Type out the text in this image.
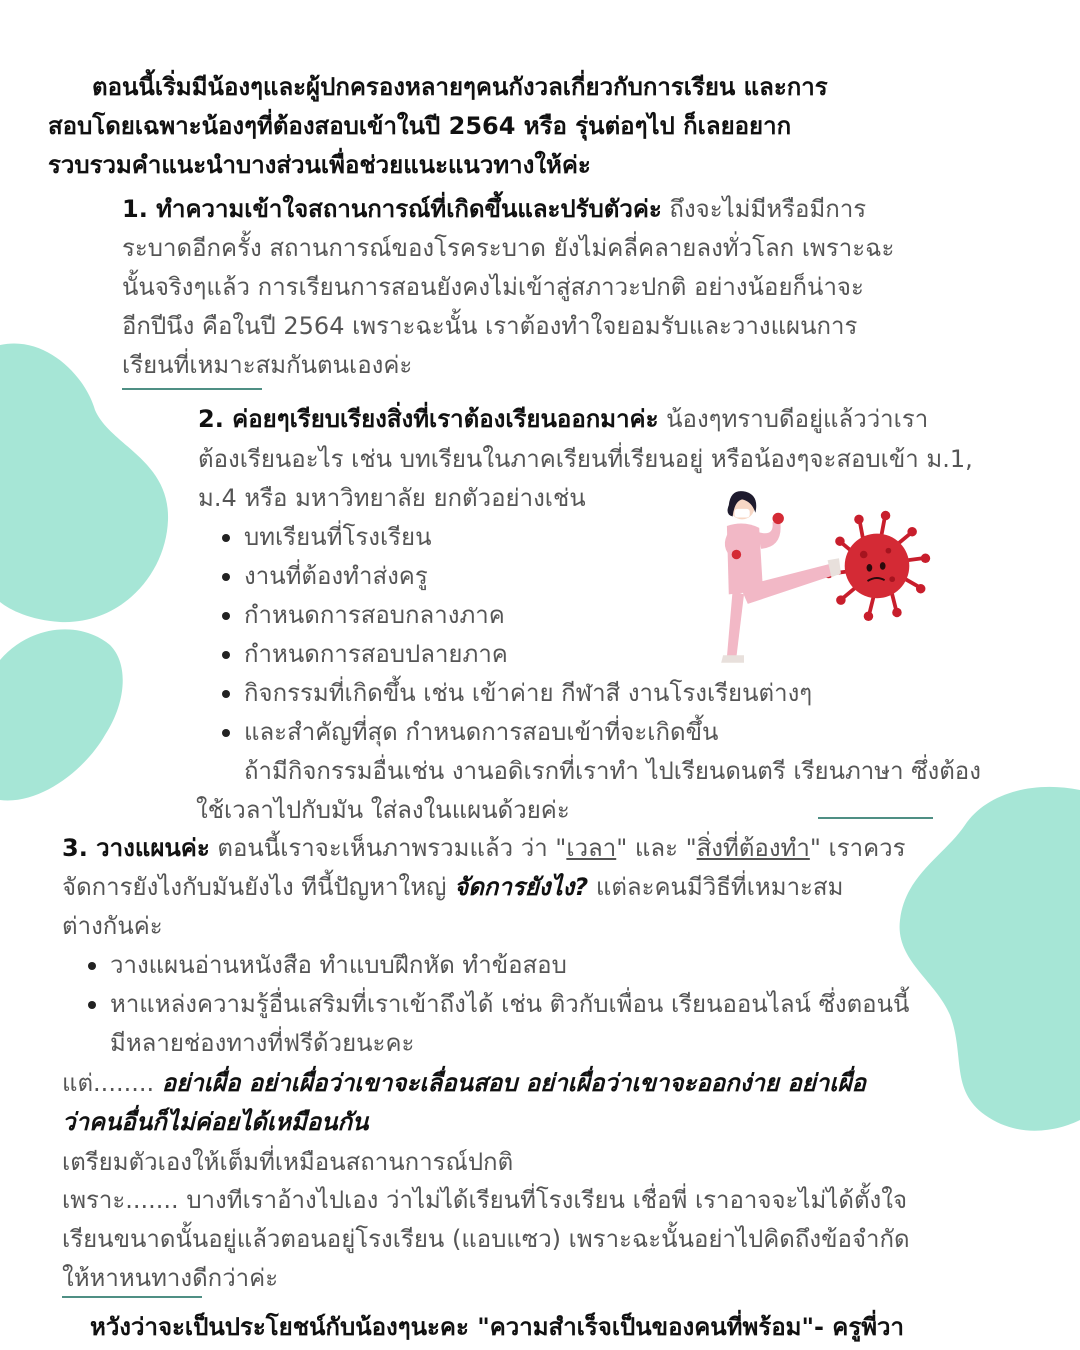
ตอนนี้เริ่มมีน้องๆและผู้ปกครองหลายๆคนกังวลเกี่ยวกับการเรียน และการ
สอบโดยเฉพาะน้องๆที่ต้องสอบเข้าในปี 2564 หรือ รุ่นต่อๆไป ก็เลยอยาก
รวบรวมคำแนะนำบางส่วนเพื่อช่วยแนะแนวทางให้ค่ะ
1. ทำความเข้าใจสถานการณ์ที่เกิดขึ้นและปรับตัวค่ะ ถึงจะไม่มีหรือมีการ
ระบาดอีกครั้ง สถานการณ์ของโรคระบาด ยังไม่คลี่คลายลงทั่วโลก เพราะฉะ
นั้นจริงๆแล้ว การเรียนการสอนยังคงไม่เข้าสู่สภาวะปกติ อย่างน้อยก็น่าจะ
อีกปีนึง คือในปี 2564 เพราะฉะนั้น เราต้องทำใจยอมรับและวางแผนการ
เรียนที่เหมาะสมกันตนเองค่ะ
2. ค่อยๆเรียบเรียงสิ่งที่เราต้องเรียนออกมาค่ะ น้องๆทราบดีอยู่แล้วว่าเรา
ต้องเรียนอะไร เช่น บทเรียนในภาคเรียนที่เรียนอยู่ หรือน้องๆจะสอบเข้า ม.1,
ม.4 หรือ มหาวิทยาลัย ยกตัวอย่างเช่น
บทเรียนที่โรงเรียน
งานที่ต้องทำส่งครู
กำหนดการสอบกลางภาค
กำหนดการสอบปลายภาค
กิจกรรมที่เกิดขึ้น เช่น เข้าค่าย กีฬาสี งานโรงเรียนต่างๆ
และสำคัญที่สุด กำหนดการสอบเข้าที่จะเกิดขึ้น
ถ้ามีกิจกรรมอื่นเช่น งานอดิเรกที่เราทำ ไปเรียนดนตรี เรียนภาษา ซึ่งต้อง
ใช้เวลาไปกับมัน ใส่ลงในแผนด้วยค่ะ
3. วางแผนค่ะ ตอนนี้เราจะเห็นภาพรวมแล้ว ว่า "เวลา" และ "สิ่งที่ต้องทำ" เราควร
จัดการยังไงกับมันยังไง ทีนี้ปัญหาใหญ่ จัดการยังไง? แต่ละคนมีวิธีที่เหมาะสม
ต่างกันค่ะ
วางแผนอ่านหนังสือ ทำแบบฝึกหัด ทำข้อสอบ
หาแหล่งความรู้อื่นเสริมที่เราเข้าถึงได้ เช่น ติวกับเพื่อน เรียนออนไลน์ ซึ่งตอนนี้
มีหลายช่องทางที่ฟรีด้วยนะคะ
แต่........ อย่าเผื่อ อย่าเผื่อว่าเขาจะเลื่อนสอบ อย่าเผื่อว่าเขาจะออกง่าย อย่าเผื่อ
ว่าคนอื่นก็ไม่ค่อยได้เหมือนกัน
เตรียมตัวเองให้เต็มที่เหมือนสถานการณ์ปกติ
เพราะ....... บางทีเราอ้างไปเอง ว่าไม่ได้เรียนที่โรงเรียน เชื่อพี่ เราอาจจะไม่ได้ตั้งใจ
เรียนขนาดนั้นอยู่แล้วตอนอยู่โรงเรียน (แอบแซว) เพราะฉะนั้นอย่าไปคิดถึงข้อจำกัด
ให้หาหนทางดีกว่าค่ะ
หวังว่าจะเป็นประโยชน์กับน้องๆนะคะ "ความสำเร็จเป็นของคนที่พร้อม"- ครูพี่วา
